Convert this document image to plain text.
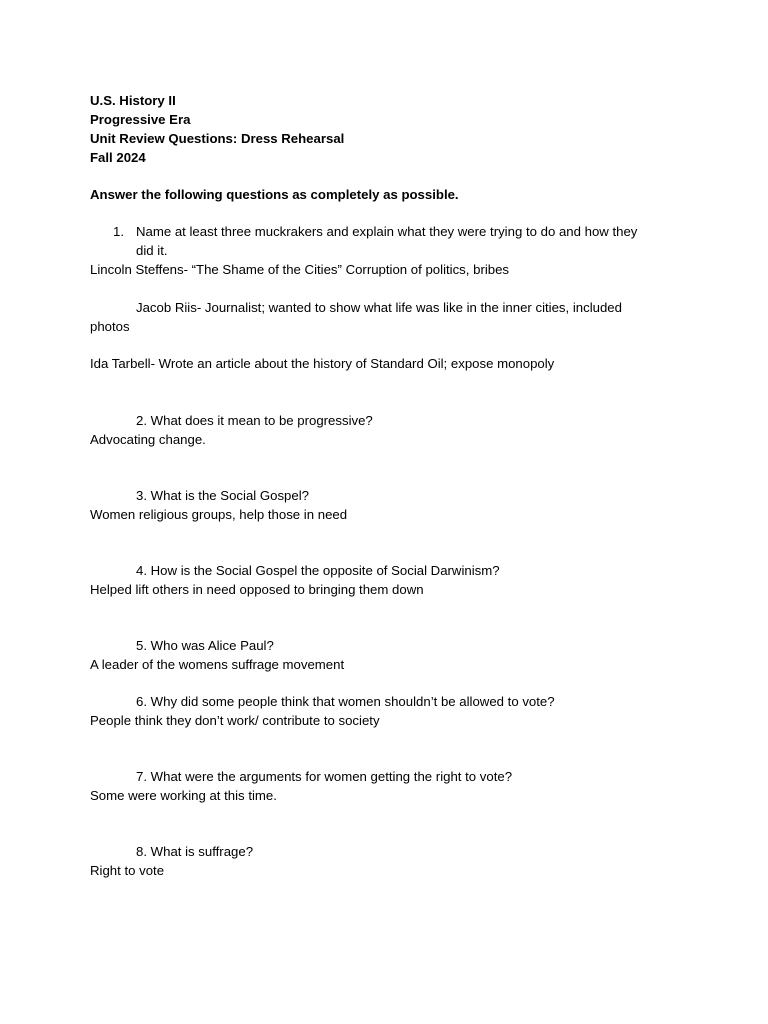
U.S. History II
Progressive Era
Unit Review Questions: Dress Rehearsal
Fall 2024
Answer the following questions as completely as possible.
1. Name at least three muckrakers and explain what they were trying to do and how they
did it.
Lincoln Steffens- “The Shame of the Cities” Corruption of politics, bribes
Jacob Riis- Journalist; wanted to show what life was like in the inner cities, included
photos
Ida Tarbell- Wrote an article about the history of Standard Oil; expose monopoly
2. What does it mean to be progressive?
Advocating change.
3. What is the Social Gospel?
Women religious groups, help those in need
4. How is the Social Gospel the opposite of Social Darwinism?
Helped lift others in need opposed to bringing them down
5. Who was Alice Paul?
A leader of the womens suffrage movement
6. Why did some people think that women shouldn’t be allowed to vote?
People think they don’t work/ contribute to society
7. What were the arguments for women getting the right to vote?
Some were working at this time.
8. What is suffrage?
Right to vote
